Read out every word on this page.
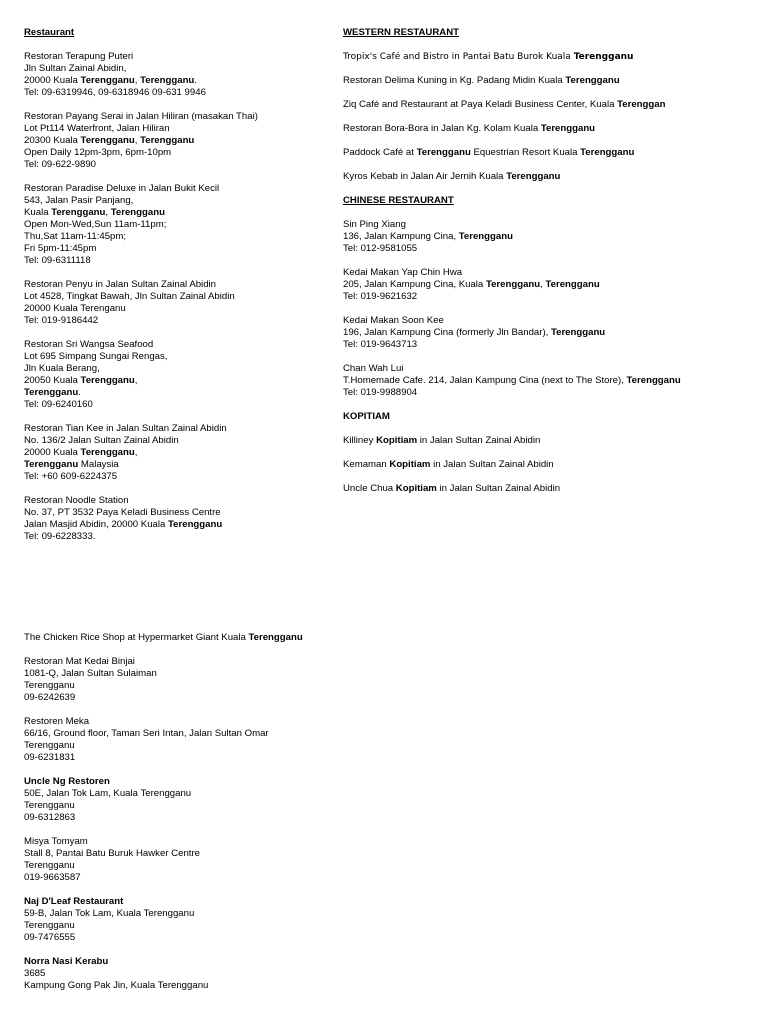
Restaurant
Restoran Terapung Puteri
Jln Sultan Zainal Abidin,
20000 Kuala Terengganu, Terengganu.
Tel: 09-6319946, 09-6318946 09-631 9946
Restoran Payang Serai in Jalan Hiliran (masakan Thai)
Lot Pt114 Waterfront, Jalan Hiliran
20300 Kuala Terengganu, Terengganu
Open Daily 12pm-3pm, 6pm-10pm
Tel: 09-622-9890
Restoran Paradise Deluxe in Jalan Bukit Kecil
543, Jalan Pasir Panjang,
Kuala Terengganu, Terengganu
Open Mon-Wed,Sun 11am-11pm;
Thu,Sat 11am-11:45pm;
Fri 5pm-11:45pm
Tel: 09-6311118
Restoran Penyu in Jalan Sultan Zainal Abidin
Lot 4528, Tingkat Bawah, Jln Sultan Zainal Abidin
20000 Kuala Terenganu
Tel: 019-9186442
Restoran Sri Wangsa Seafood
Lot 695 Simpang Sungai Rengas,
Jln Kuala Berang,
20050 Kuala Terengganu,
Terengganu.
Tel: 09-6240160
Restoran Tian Kee in Jalan Sultan Zainal Abidin
No. 136/2 Jalan Sultan Zainal Abidin
20000 Kuala Terengganu,
Terengganu Malaysia
Tel: +60 609-6224375
Restoran Noodle Station
No. 37, PT 3532 Paya Keladi Business Centre
Jalan Masjid Abidin, 20000 Kuala Terengganu
Tel: 09-6228333.
WESTERN RESTAURANT
Tropix's Café and Bistro in Pantai Batu Burok Kuala Terengganu
Restoran Delima Kuning in Kg. Padang Midin Kuala Terengganu
Ziq Café and Restaurant at Paya Keladi Business Center, Kuala Terenggan
Restoran Bora-Bora in Jalan Kg. Kolam Kuala Terengganu
Paddock Café at Terengganu Equestrian Resort Kuala Terengganu
Kyros Kebab in Jalan Air Jernih Kuala Terengganu
CHINESE RESTAURANT
Sin Ping Xiang
136, Jalan Kampung Cina, Terengganu
Tel: 012-9581055
Kedai Makan Yap Chin Hwa
205, Jalan Kampung Cina, Kuala Terengganu, Terengganu
Tel: 019-9621632
Kedai Makan Soon Kee
196, Jalan Kampung Cina (formerly Jln Bandar), Terengganu
Tel: 019-9643713
Chan Wah Lui
T.Homemade Cafe. 214, Jalan Kampung Cina (next to The Store), Terengganu
Tel: 019-9988904
KOPITIAM
Killiney Kopitiam in Jalan Sultan Zainal Abidin
Kemaman Kopitiam in Jalan Sultan Zainal Abidin
Uncle Chua Kopitiam in Jalan Sultan Zainal Abidin
The Chicken Rice Shop at Hypermarket Giant Kuala Terengganu
Restoran Mat Kedai Binjai
1081-Q, Jalan Sultan Sulaiman
Terengganu
09-6242639
Restoren Meka
66/16, Ground floor, Taman Seri Intan, Jalan Sultan Omar
Terengganu
09-6231831
Uncle Ng Restoren
50E, Jalan Tok Lam, Kuala Terengganu
Terengganu
09-6312863
Misya Tomyam
Stall 8, Pantai Batu Buruk Hawker Centre
Terengganu
019-9663587
Naj D'Leaf Restaurant
59-B, Jalan Tok Lam, Kuala Terengganu
Terengganu
09-7476555
Norra Nasi Kerabu
3685
Kampung Gong Pak Jin, Kuala Terengganu
